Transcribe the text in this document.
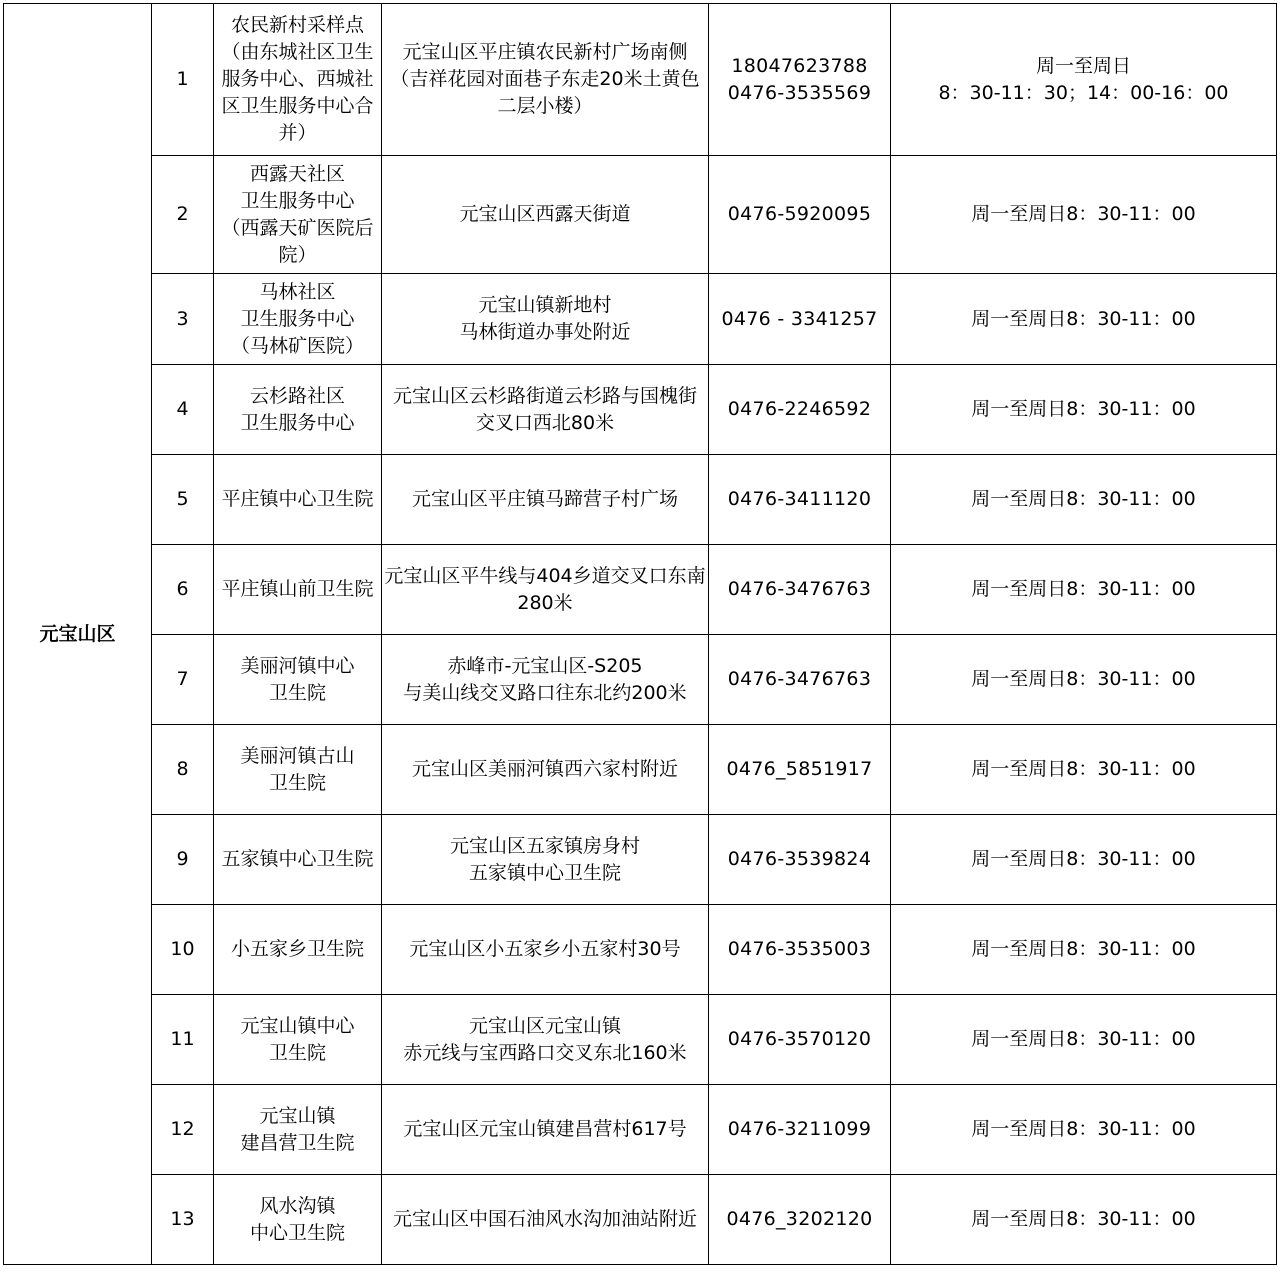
元宝山区	1	农民新村采样点
（由东城社区卫生服务中心、西城社区卫生服务中心合并）	元宝山区平庄镇农民新村广场南侧（吉祥花园对面巷子东走20米土黄色二层小楼）	18047623788
0476-3535569	周一至周日
8：30-11：30；14：00-16：00
	2	西露天社区
卫生服务中心
（西露天矿医院后院）	元宝山区西露天街道	0476-5920095	周一至周日8：30-11：00
	3	马林社区
卫生服务中心
（马林矿医院）	元宝山镇新地村
马林街道办事处附近	0476 - 3341257	周一至周日8：30-11：00
	4	云杉路社区
卫生服务中心	元宝山区云杉路街道云杉路与国槐街交叉口西北80米	0476-2246592	周一至周日8：30-11：00
	5	平庄镇中心卫生院	元宝山区平庄镇马蹄营子村广场	0476-3411120	周一至周日8：30-11：00
	6	平庄镇山前卫生院	元宝山区平牛线与404乡道交叉口东南280米	0476-3476763	周一至周日8：30-11：00
	7	美丽河镇中心
卫生院	赤峰市-元宝山区-S205
与美山线交叉路口往东北约200米	0476-3476763	周一至周日8：30-11：00
	8	美丽河镇古山
卫生院	元宝山区美丽河镇西六家村附近	0476_5851917	周一至周日8：30-11：00
	9	五家镇中心卫生院	元宝山区五家镇房身村
五家镇中心卫生院	0476-3539824	周一至周日8：30-11：00
	10	小五家乡卫生院	元宝山区小五家乡小五家村30号	0476-3535003	周一至周日8：30-11：00
	11	元宝山镇中心
卫生院	元宝山区元宝山镇
赤元线与宝西路口交叉东北160米	0476-3570120	周一至周日8：30-11：00
	12	元宝山镇
建昌营卫生院	元宝山区元宝山镇建昌营村617号	0476-3211099	周一至周日8：30-11：00
	13	风水沟镇
中心卫生院	元宝山区中国石油风水沟加油站附近	0476_3202120	周一至周日8：30-11：00
